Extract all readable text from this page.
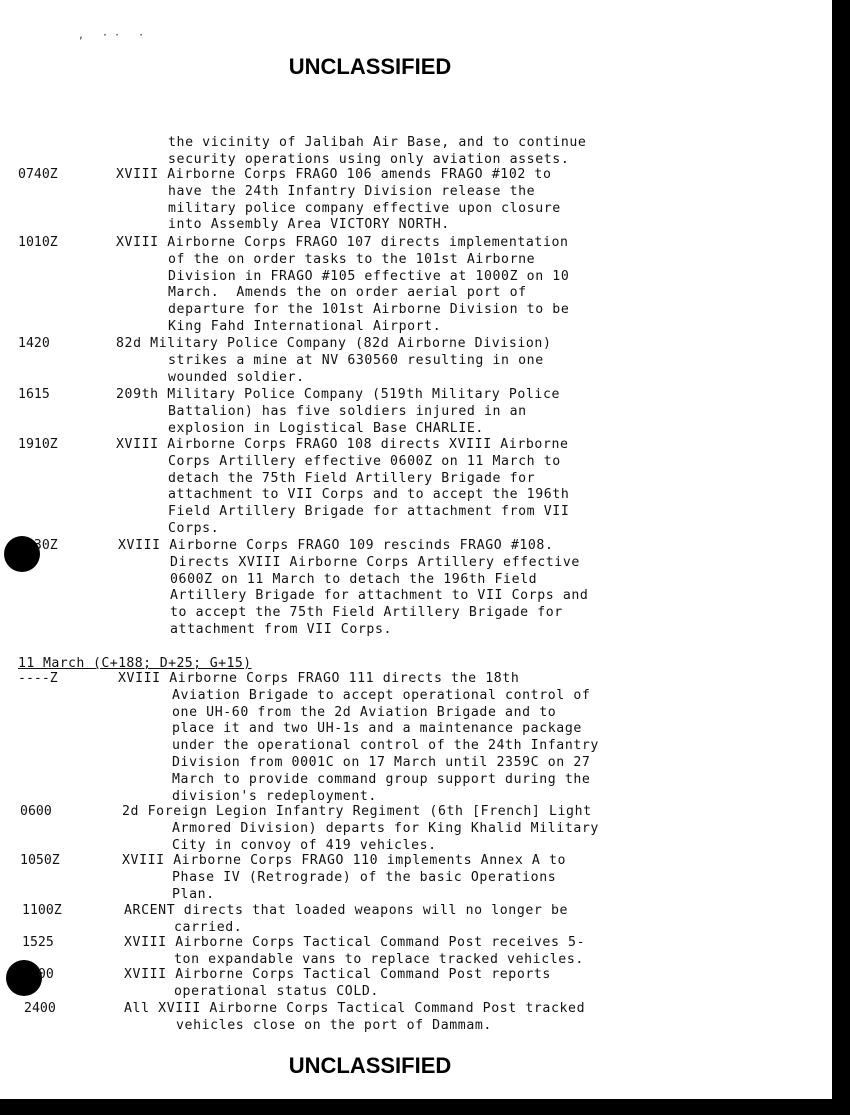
, ·· ·
UNCLASSIFIED
the vicinity of Jalibah Air Base, and to continue
security operations using only aviation assets.
0740Z	XVIII Airborne Corps FRAGO 106 amends FRAGO #102 to
have the 24th Infantry Division release the
military police company effective upon closure
into Assembly Area VICTORY NORTH.
1010Z	XVIII Airborne Corps FRAGO 107 directs implementation
of the on order tasks to the 101st Airborne
Division in FRAGO #105 effective at 1000Z on 10
March.  Amends the on order aerial port of
departure for the 101st Airborne Division to be
King Fahd International Airport.
1420	82d Military Police Company (82d Airborne Division)
strikes a mine at NV 630560 resulting in one
wounded soldier.
1615	209th Military Police Company (519th Military Police
Battalion) has five soldiers injured in an
explosion in Logistical Base CHARLIE.
1910Z	XVIII Airborne Corps FRAGO 108 directs XVIII Airborne
Corps Artillery effective 0600Z on 11 March to
detach the 75th Field Artillery Brigade for
attachment to VII Corps and to accept the 196th
Field Artillery Brigade for attachment from VII
Corps.
30Z	XVIII Airborne Corps FRAGO 109 rescinds FRAGO #108.
Directs XVIII Airborne Corps Artillery effective
0600Z on 11 March to detach the 196th Field
Artillery Brigade for attachment to VII Corps and
to accept the 75th Field Artillery Brigade for
attachment from VII Corps.
----Z	XVIII Airborne Corps FRAGO 111 directs the 18th
Aviation Brigade to accept operational control of
one UH-60 from the 2d Aviation Brigade and to
place it and two UH-1s and a maintenance package
under the operational control of the 24th Infantry
Division from 0001C on 17 March until 2359C on 27
March to provide command group support during the
division's redeployment.
0600	2d Foreign Legion Infantry Regiment (6th [French] Light
Armored Division) departs for King Khalid Military
City in convoy of 419 vehicles.
1050Z	XVIII Airborne Corps FRAGO 110 implements Annex A to
Phase IV (Retrograde) of the basic Operations
Plan.
1100Z	ARCENT directs that loaded weapons will no longer be
carried.
1525	XVIII Airborne Corps Tactical Command Post receives 5-
ton expandable vans to replace tracked vehicles.
00	XVIII Airborne Corps Tactical Command Post reports
operational status COLD.
2400	All XVIII Airborne Corps Tactical Command Post tracked
vehicles close on the port of Dammam.
11 March (C+188; D+25; G+15)
UNCLASSIFIED
